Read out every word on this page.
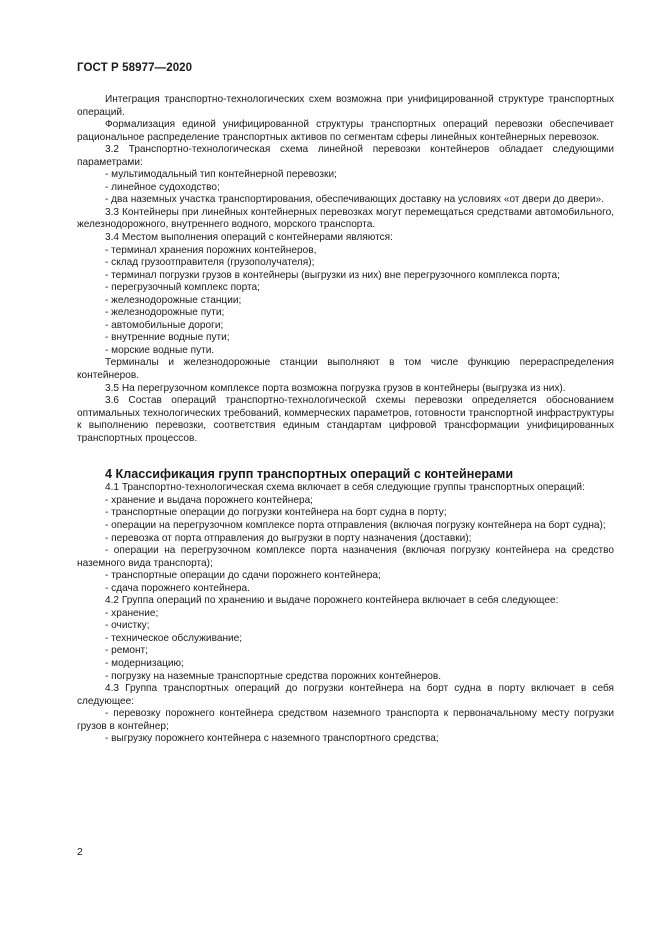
ГОСТ Р 58977—2020

Интеграция транспортно-технологических схем возможна при унифицированной структуре транспортных операций.

Формализация единой унифицированной структуры транспортных операций перевозки обеспечивает рациональное распределение транспортных активов по сегментам сферы линейных контейнерных перевозок.

3.2 Транспортно-технологическая схема линейной перевозки контейнеров обладает следующими параметрами:

- мультимодальный тип контейнерной перевозки;

- линейное судоходство;

- два наземных участка транспортирования, обеспечивающих доставку на условиях «от двери до двери».

3.3 Контейнеры при линейных контейнерных перевозках могут перемещаться средствами автомобильного, железнодорожного, внутреннего водного, морского транспорта.

3.4 Местом выполнения операций с контейнерами являются:

- терминал хранения порожних контейнеров,

- склад грузоотправителя (грузополучателя);

- терминал погрузки грузов в контейнеры (выгрузки из них) вне перегрузочного комплекса порта;

- перегрузочный комплекс порта;

- железнодорожные станции;

- железнодорожные пути;

- автомобильные дороги;

- внутренние водные пути;

- морские водные пути.

Терминалы и железнодорожные станции выполняют в том числе функцию перераспределения контейнеров.

3.5 На перегрузочном комплексе порта возможна погрузка грузов в контейнеры (выгрузка из них).

3.6 Состав операций транспортно-технологической схемы перевозки определяется обоснованием оптимальных технологических требований, коммерческих параметров, готовности транспортной инфраструктуры к выполнению перевозки, соответствия единым стандартам цифровой трансформации унифицированных транспортных процессов.

4 Классификация групп транспортных операций с контейнерами

4.1 Транспортно-технологическая схема включает в себя следующие группы транспортных операций:

- хранение и выдача порожнего контейнера;

- транспортные операции до погрузки контейнера на борт судна в порту;

- операции на перегрузочном комплексе порта отправления (включая погрузку контейнера на борт судна);

- перевозка от порта отправления до выгрузки в порту назначения (доставки);

- операции на перегрузочном комплексе порта назначения (включая погрузку контейнера на средство наземного вида транспорта);

- транспортные операции до сдачи порожнего контейнера;

- сдача порожнего контейнера.

4.2 Группа операций по хранению и выдаче порожнего контейнера включает в себя следующее:

- хранение;

- очистку;

- техническое обслуживание;

- ремонт;

- модернизацию;

- погрузку на наземные транспортные средства порожних контейнеров.

4.3 Группа транспортных операций до погрузки контейнера на борт судна в порту включает в себя следующее:

- перевозку порожнего контейнера средством наземного транспорта к первоначальному месту погрузки грузов в контейнер;

- выгрузку порожнего контейнера с наземного транспортного средства;

2
